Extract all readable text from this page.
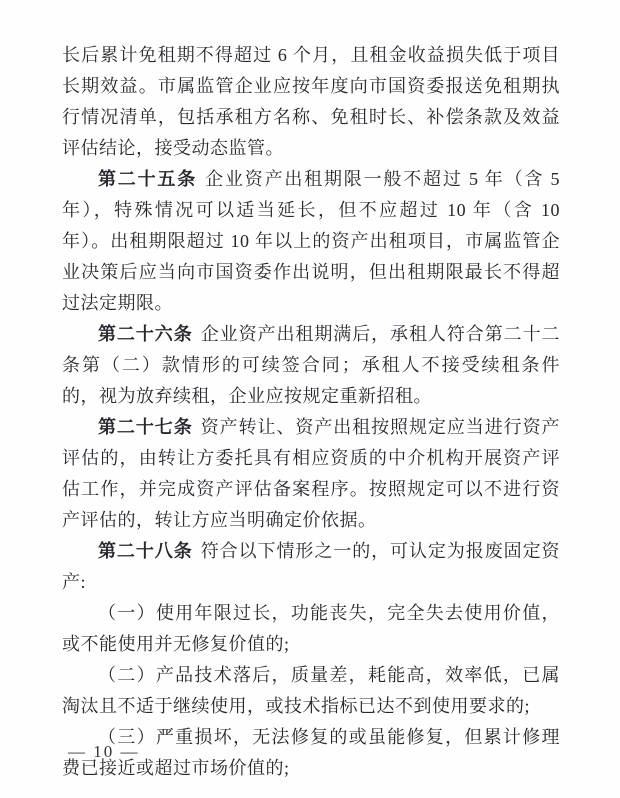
长后累计免租期不得超过 6 个月，且租金收益损失低于项目长期效益。市属监管企业应按年度向市国资委报送免租期执行情况清单，包括承租方名称、免租时长、补偿条款及效益评估结论，接受动态监管。

第二十五条 企业资产出租期限一般不超过 5 年（含 5 年），特殊情况可以适当延长，但不应超过 10 年（含 10 年）。出租期限超过 10 年以上的资产出租项目，市属监管企业决策后应当向市国资委作出说明，但出租期限最长不得超过法定期限。

第二十六条 企业资产出租期满后，承租人符合第二十二条第（二）款情形的可续签合同；承租人不接受续租条件的，视为放弃续租，企业应按规定重新招租。

第二十七条 资产转让、资产出租按照规定应当进行资产评估的，由转让方委托具有相应资质的中介机构开展资产评估工作，并完成资产评估备案程序。按照规定可以不进行资产评估的，转让方应当明确定价依据。

第二十八条 符合以下情形之一的，可认定为报废固定资产:

（一）使用年限过长，功能丧失，完全失去使用价值，或不能使用并无修复价值的;

（二）产品技术落后，质量差，耗能高，效率低，已属淘汰且不适于继续使用，或技术指标已达不到使用要求的;

（三）严重损坏，无法修复的或虽能修复，但累计修理费已接近或超过市场价值的;

— 10 —
